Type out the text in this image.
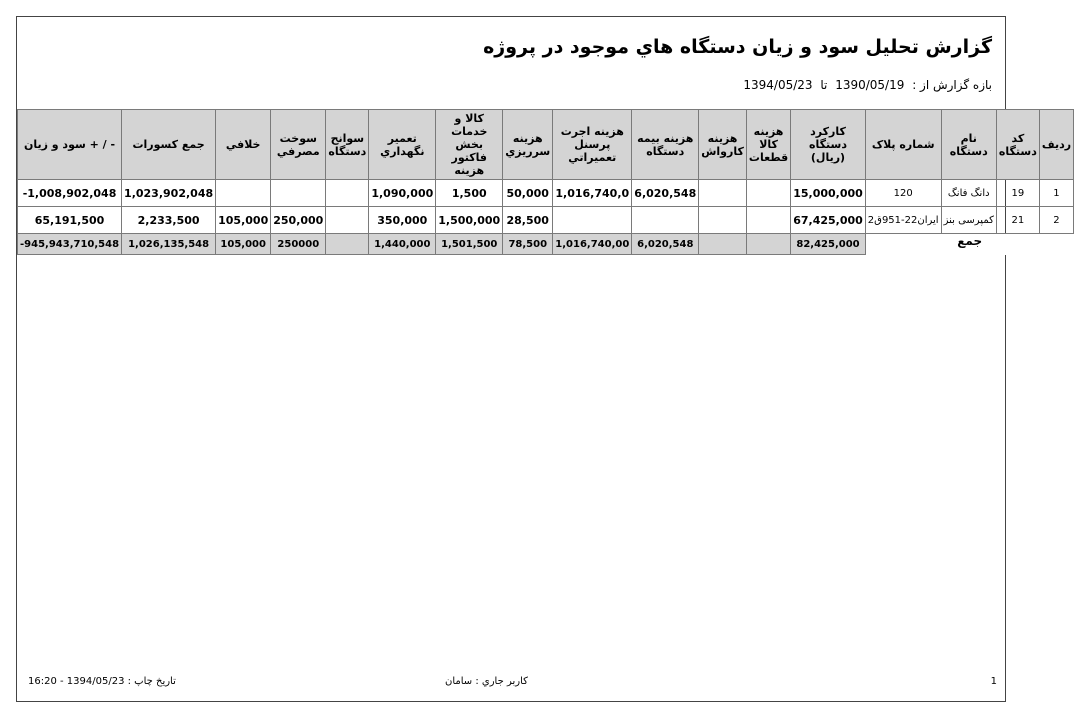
گزارش تحلیل سود و زیان دستگاه هاي موجود در پروژه
بازه گزارش از : 1390/05/19 تا 1394/05/23
- / + سود و زيان	جمع کسورات	خلافي	سوخت مصرفي	سوانح دستگاه	تعمیر نگهداري	کالا و خدمات بخش فاکتور هزینه	هزینه سرریزي	هزينه اجرت پرسنل تعميراتي	هزينه بيمه دستگاه	هزینه کارواش	هزينه کالا قطعات	کارکرد دستگاه (ریال)	شماره پلاک	نام دستگاه	کد دستگاه	رديف
-1,008,902,048	1,023,902,048				1,090,000	1,500	50,000	1,016,740,0	6,020,548			15,000,000	120	دانگ فانگ	19	1
65,191,500	2,233,500	105,000	250,000		350,000	1,500,000	28,500					67,425,000	ايران22-951ق2	کمپرسی بنز	21	2
-945,943,710,548	1,026,135,548	105,000	250000		1,440,000	1,501,500	78,500	1,016,740,00	6,020,548			82,425,000	جمع			
1
کاربر جاري : سامان
تاریخ چاپ : 1394/05/23 - 16:20
